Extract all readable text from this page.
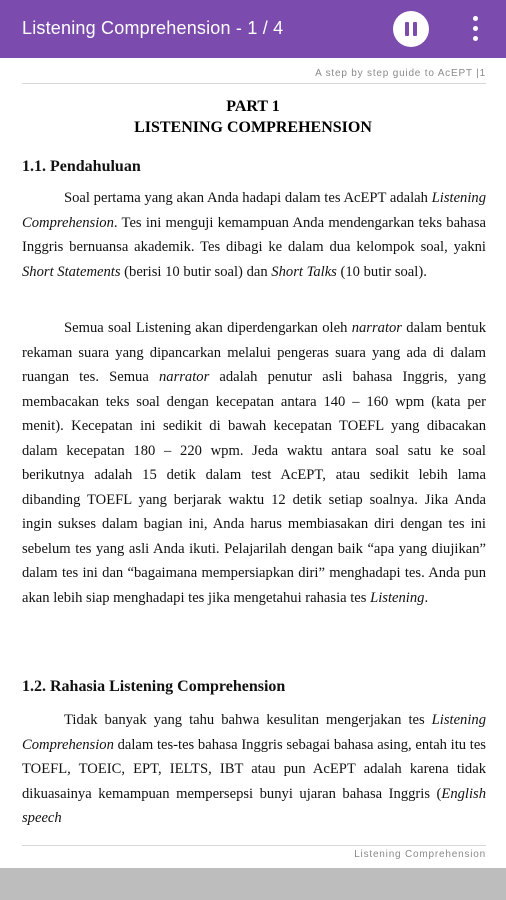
Listening Comprehension - 1 / 4
A step by step guide to AcEPT |1
PART 1
LISTENING COMPREHENSION
1.1. Pendahuluan

Soal pertama yang akan Anda hadapi dalam tes AcEPT adalah Listening Comprehension. Tes ini menguji kemampuan Anda mendengarkan teks bahasa Inggris bernuansa akademik. Tes dibagi ke dalam dua kelompok soal, yakni Short Statements (berisi 10 butir soal) dan Short Talks (10 butir soal).

Semua soal Listening akan diperdengarkan oleh narrator dalam bentuk rekaman suara yang dipancarkan melalui pengeras suara yang ada di dalam ruangan tes. Semua narrator adalah penutur asli bahasa Inggris, yang membacakan teks soal dengan kecepatan antara 140 – 160 wpm (kata per menit). Kecepatan ini sedikit di bawah kecepatan TOEFL yang dibacakan dalam kecepatan 180 – 220 wpm. Jeda waktu antara soal satu ke soal berikutnya adalah 15 detik dalam test AcEPT, atau sedikit lebih lama dibanding TOEFL yang berjarak waktu 12 detik setiap soalnya. Jika Anda ingin sukses dalam bagian ini, Anda harus membiasakan diri dengan tes ini sebelum tes yang asli Anda ikuti. Pelajarilah dengan baik “apa yang diujikan” dalam tes ini dan “bagaimana mempersiapkan diri” menghadapi tes. Anda pun akan lebih siap menghadapi tes jika mengetahui rahasia tes Listening.

1.2. Rahasia Listening Comprehension

Tidak banyak yang tahu bahwa kesulitan mengerjakan tes Listening Comprehension dalam tes-tes bahasa Inggris sebagai bahasa asing, entah itu tes TOEFL, TOEIC, EPT, IELTS, IBT atau pun AcEPT adalah karena tidak dikuasainya kemampuan mempersepsi bunyi ujaran bahasa Inggris (English speech

Listening Comprehension
